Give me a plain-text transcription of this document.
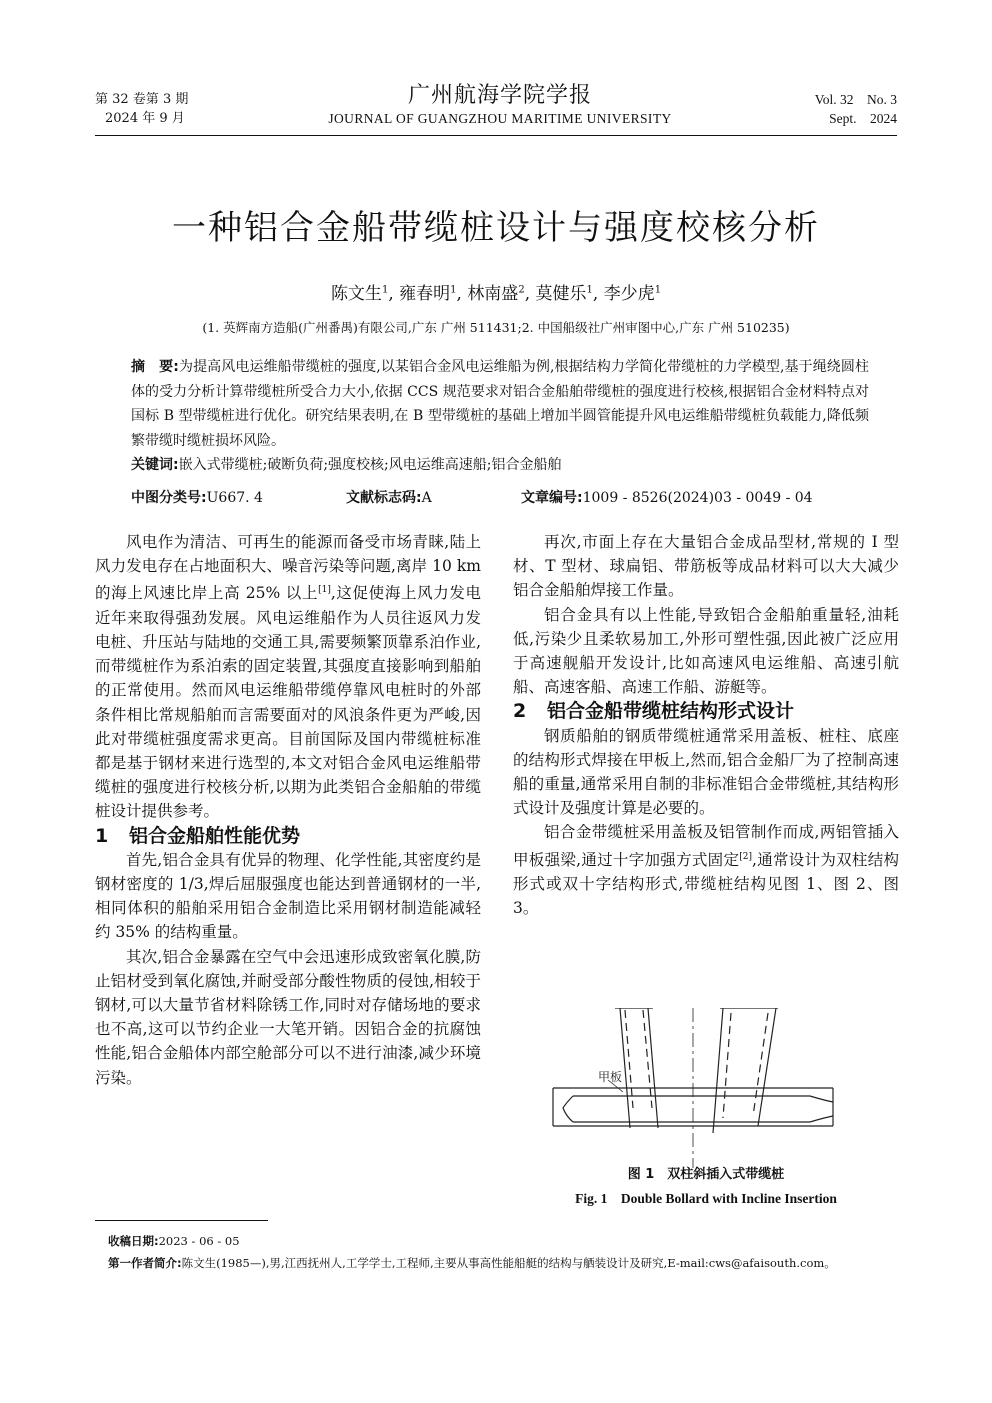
第 32 卷第 3 期
2024 年 9 月
广州航海学院学报
JOURNAL OF GUANGZHOU MARITIME UNIVERSITY
Vol. 32　No. 3
Sept.　2024
一种铝合金船带缆桩设计与强度校核分析
陈文生$^1$, 雍春明$^1$, 林南盛$^2$, 莫健乐$^1$, 李少虎$^1$
(1. 英辉南方造船(广州番禺)有限公司,广东 广州 511431;2. 中国船级社广州审图中心,广东 广州 510235)
摘　要:为提高风电运维船带缆桩的强度,以某铝合金风电运维船为例,根据结构力学简化带缆桩的力学模型,基于绳绕圆柱体的受力分析计算带缆桩所受合力大小,依据 CCS 规范要求对铝合金船舶带缆桩的强度进行校核,根据铝合金材料特点对国标 B 型带缆桩进行优化。研究结果表明,在 B 型带缆桩的基础上增加半圆管能提升风电运维船带缆桩负载能力,降低频繁带缆时缆桩损坏风险。
关键词:嵌入式带缆桩;破断负荷;强度校核;风电运维高速船;铝合金船舶
中图分类号:U667. 4	文献标志码:A	文章编号:1009 - 8526(2024)03 - 0049 - 04

风电作为清洁、可再生的能源而备受市场青睐,陆上风力发电存在占地面积大、噪音污染等问题,离岸 10 km 的海上风速比岸上高 25% 以上[1],这促使海上风力发电近年来取得强劲发展。风电运维船作为人员往返风力发电桩、升压站与陆地的交通工具,需要频繁顶靠系泊作业,而带缆桩作为系泊索的固定装置,其强度直接影响到船舶的正常使用。然而风电运维船带缆停靠风电桩时的外部条件相比常规船舶而言需要面对的风浪条件更为严峻,因此对带缆桩强度需求更高。目前国际及国内带缆桩标准都是基于钢材来进行选型的,本文对铝合金风电运维船带缆桩的强度进行校核分析,以期为此类铝合金船舶的带缆桩设计提供参考。

1 铝合金船舶性能优势

首先,铝合金具有优异的物理、化学性能,其密度约是钢材密度的 1/3,焊后屈服强度也能达到普通钢材的一半,相同体积的船舶采用铝合金制造比采用钢材制造能减轻约 35% 的结构重量。

其次,铝合金暴露在空气中会迅速形成致密氧化膜,防止铝材受到氧化腐蚀,并耐受部分酸性物质的侵蚀,相较于钢材,可以大量节省材料除锈工作,同时对存储场地的要求也不高,这可以节约企业一大笔开销。因铝合金的抗腐蚀性能,铝合金船体内部空舱部分可以不进行油漆,减少环境污染。

再次,市面上存在大量铝合金成品型材,常规的 I 型材、T 型材、球扁铝、带筋板等成品材料可以大大减少铝合金船舶焊接工作量。

铝合金具有以上性能,导致铝合金船舶重量轻,油耗低,污染少且柔软易加工,外形可塑性强,因此被广泛应用于高速舰船开发设计,比如高速风电运维船、高速引航船、高速客船、高速工作船、游艇等。

2 铝合金船带缆桩结构形式设计

钢质船舶的钢质带缆桩通常采用盖板、桩柱、底座的结构形式焊接在甲板上,然而,铝合金船厂为了控制高速船的重量,通常采用自制的非标准铝合金带缆桩,其结构形式设计及强度计算是必要的。

铝合金带缆桩采用盖板及铝管制作而成,两铝管插入甲板强梁,通过十字加强方式固定[2],通常设计为双柱结构形式或双十字结构形式,带缆桩结构见图 1、图 2、图 3。

甲板
图 1　双柱斜插入式带缆桩
Fig. 1　Double Bollard with Incline Insertion
收稿日期:2023 - 06 - 05
第一作者简介:陈文生(1985—),男,江西抚州人,工学学士,工程师,主要从事高性能船艇的结构与舾装设计及研究,E-mail:cws@afaisouth.com。
